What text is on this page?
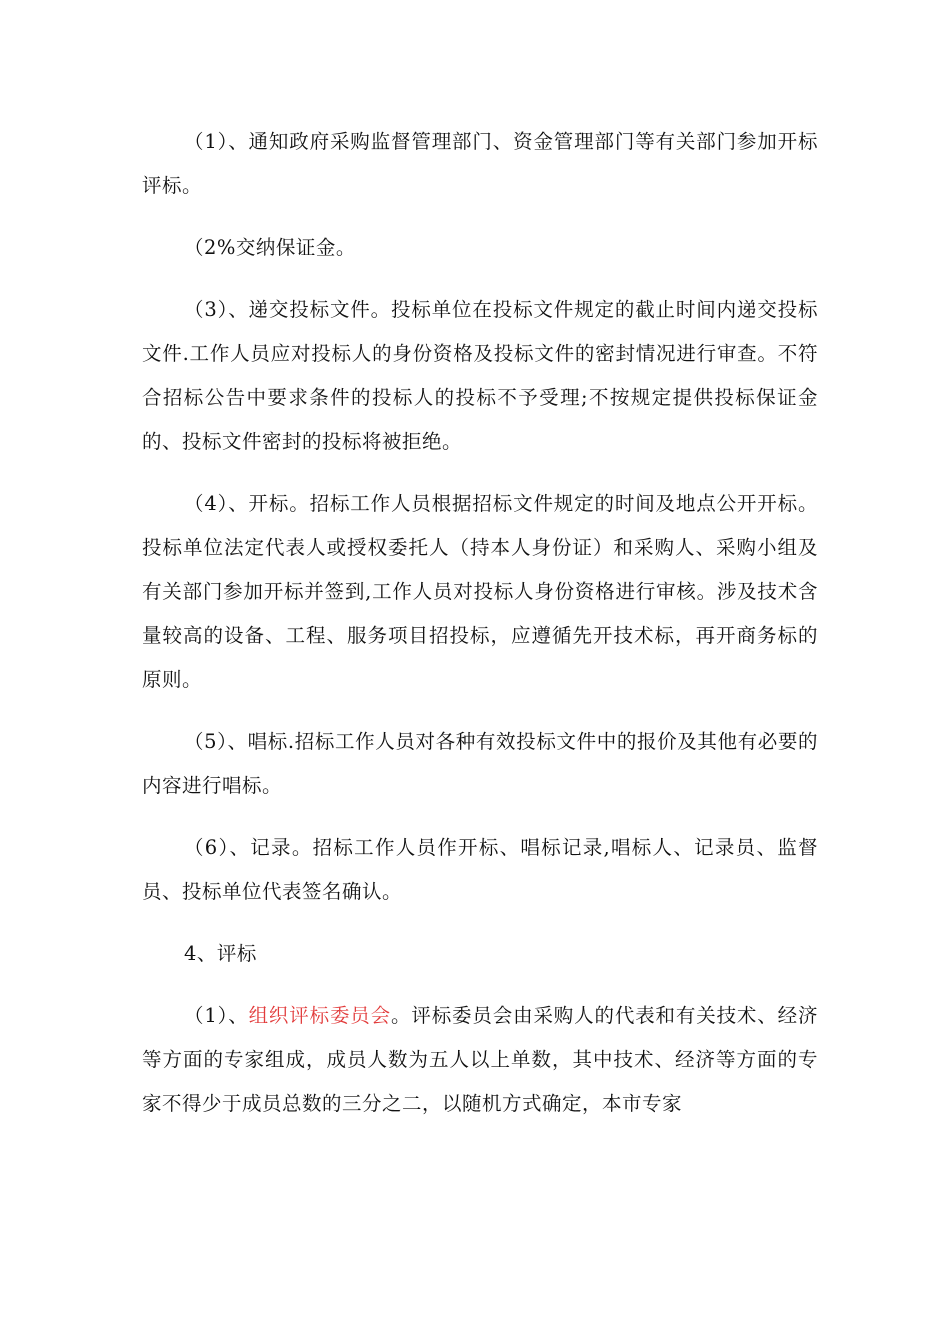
（1）、通知政府采购监督管理部门、资金管理部门等有关部门参加开标评标。

（2%交纳保证金。

（3）、递交投标文件。投标单位在投标文件规定的截止时间内递交投标文件.工作人员应对投标人的身份资格及投标文件的密封情况进行审查。不符合招标公告中要求条件的投标人的投标不予受理;不按规定提供投标保证金的、投标文件密封的投标将被拒绝。

（4）、开标。招标工作人员根据招标文件规定的时间及地点公开开标。投标单位法定代表人或授权委托人（持本人身份证）和采购人、采购小组及有关部门参加开标并签到,工作人员对投标人身份资格进行审核。涉及技术含量较高的设备、工程、服务项目招投标，应遵循先开技术标，再开商务标的原则。

（5）、唱标.招标工作人员对各种有效投标文件中的报价及其他有必要的内容进行唱标。

（6）、记录。招标工作人员作开标、唱标记录,唱标人、记录员、监督员、投标单位代表签名确认。

4、评标

（1）、组织评标委员会。评标委员会由采购人的代表和有关技术、经济等方面的专家组成，成员人数为五人以上单数，其中技术、经济等方面的专家不得少于成员总数的三分之二，以随机方式确定，本市专家
